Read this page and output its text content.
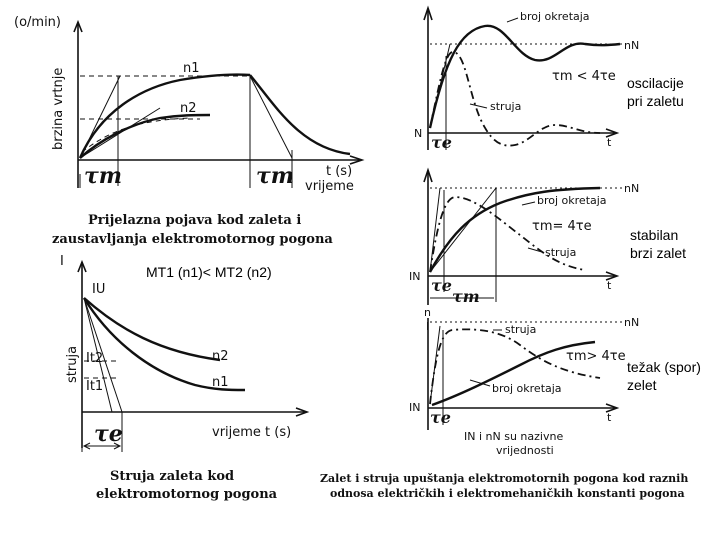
(o/min)
brzina vrtnje	n1
n2
τm	τm t (s)
vrijeme
Prijelazna pojava kod zaleta i
zaustavljanja elektromotornog pogona
I
MT1 (n1)< MT2 (n2)
IU
struja It2
It1
n2
n1
τe	vrijeme t (s)
Struja zaleta kod
elektromotornog pogona
broj okretaja
nN
τm < 4τe
struja
N τe	t
oscilacije
pri zaletu
broj okretaja
nN
τm= 4τe
struja
IN τe
τm
t
stabilan
brzi zalet
n
I	struja
nN
τm> 4τe
broj okretaja
IN
τe	t
težak (spor)
zelet
IN i nN su nazivne
vrijednosti
Zalet i struja upuštanja elektromotornih pogona kod raznih
odnosa električkih i elektromehaničkih konstanti pogona
